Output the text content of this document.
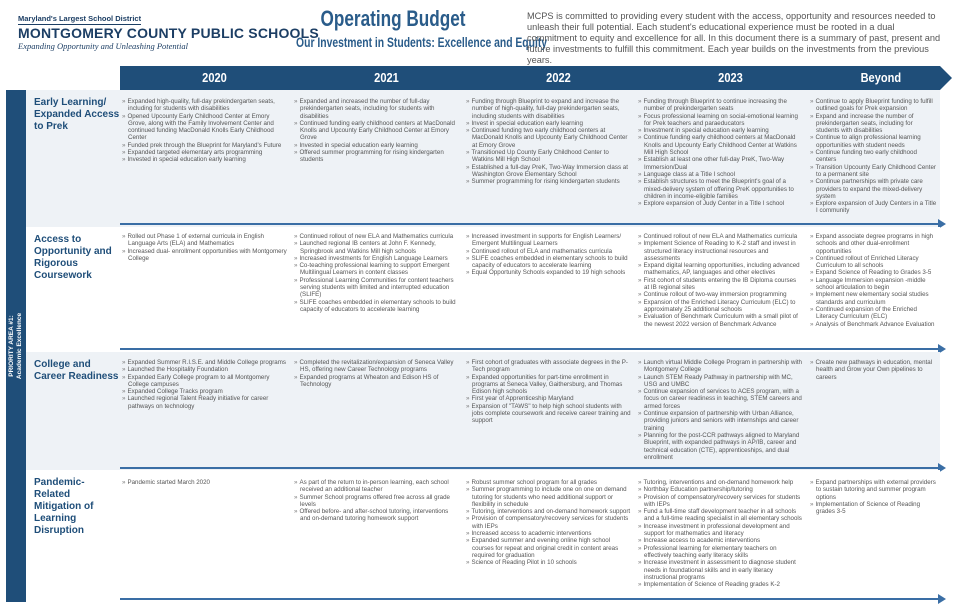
Maryland's Largest School District
MONTGOMERY COUNTY PUBLIC SCHOOLS
Expanding Opportunity and Unleashing Potential
Operating Budget
Our Investment in Students: Excellence and Equity
MCPS is committed to providing every student with the access, opportunity and resources needed to unleash their full potential. Each student's educational experience must be rooted in a dual commitment to equity and excellence for all. In this document there is a summary of past, present and future investments to fulfill this commitment. Each year builds on the investments from the previous years.
2020	2021	2022	2023	Beyond
PRIORITY AREA #1: Academic Excellence
Early Learning/ Expanded Access to Prek
» Expanded high-quality, full-day prekindergarten seats, including for students with disabilities
» Opened Upcounty Early Childhood Center at Emory Grove, along with the Family Involvement Center and continued funding MacDonald Knolls Early Childhood Center
» Funded prek through the Blueprint for Maryland's Future
» Expanded targeted elementary arts programming
» Invested in special education early learning
» Expanded and increased the number of full-day prekindergarten seats, including for students with disabilities
» Continued funding early childhood centers at MacDonald Knolls and Upcounty Early Childhood Center at Emory Grove
» Invested in special education early learning
» Offered summer programming for rising kindergarten students
» Funding through Blueprint to expand and increase the number of high-quality, full-day prekindergarten seats, including students with disabilities
» Invest in special education early learning
» Continued funding two early childhood centers at MacDonald Knolls and Upcounty Early Childhood Center at Emory Grove
» Transitioned Up County Early Childhood Center to Watkins Mill High School
» Established a full-day PreK, Two-Way Immersion class at Washington Grove Elementary School
» Summer programming for rising kindergarten students
» Funding through Blueprint to continue increasing the number of prekindergarten seats
» Focus professional learning on social-emotional learning for Prek teachers and paraeducators
» Investment in special education early learning
» Continue funding early childhood centers at MacDonald Knolls and Upcounty Early Childhood Center at Watkins Mill High School
» Establish at least one other full-day PreK, Two-Way Immersion/Dual
» Language class at a Title I school
» Establish structures to meet the Blueprint's goal of a mixed-delivery system of offering PreK opportunities to children in income-eligible families
» Explore expansion of Judy Center in a Title I school
» Continue to apply Blueprint funding to fulfill outlined goals for Prek expansion
» Expand and increase the number of prekindergarten seats, including for students with disabilities
» Continue to align professional learning opportunities with student needs
» Continue funding two early childhood centers
» Transition Upcounty Early Childhood Center to a permanent site
» Continue partnerships with private care providers to expand the mixed-delivery system
» Explore expansion of Judy Centers in a Title I community
Access to Opportunity and Rigorous Coursework
» Rolled out Phase 1 of external curricula in English Language Arts (ELA) and Mathematics
» Increased dual- enrollment opportunities with Montgomery College
» Continued rollout of new ELA and Mathematics curricula
» Launched regional IB centers at John F. Kennedy, Springbrook and Watkins Mill high schools
» Increased investments for English Language Learners
» Co-teaching professional learning to support Emergent Multilingual Learners in content classes
» Professional Learning Communities for content teachers serving students with limited and interrupted education (SLIFE)
» SLIFE coaches embedded in elementary schools to build capacity of educators to accelerate learning
» Increased investment in supports for English Learners/ Emergent Multilingual Learners
» Continued rollout of ELA and mathematics curricula
» SLIFE coaches embedded in elementary schools to build capacity of educators to accelerate learning
» Equal Opportunity Schools expanded to 19 high schools
» Continued rollout of new ELA and Mathematics curricula
» Implement Science of Reading to K-2 staff and invest in structured literacy instructional resources and assessments
» Expand digital learning opportunities, including advanced mathematics, AP, languages and other electives
» First cohort of students entering the IB Diploma courses at IB regional sites
» Continue rollout of two-way immersion programming
» Expansion of the Enriched Literacy Curriculum (ELC) to approximately 25 additional schools
» Evaluation of Benchmark Curriculum with a small pilot of the newest 2022 version of Benchmark Advance
» Expand associate degree programs in high schools and other dual-enrollment opportunities
» Continued rollout of Enriched Literacy Curriculum to all schools
» Expand Science of Reading to Grades 3-5
» Language Immersion expansion -middle school articulation to begin
» Implement new elementary social studies standards and curriculum
» Continued expansion of the Enriched Literacy Curriculum (ELC)
» Analysis of Benchmark Advance Evaluation
College and Career Readiness
» Expanded Summer R.I.S.E. and Middle College programs
» Launched the Hospitality Foundation
» Expanded Early College program to all Montgomery College campuses
» Expanded College Tracks program
» Launched regional Talent Ready initiative for career pathways on technology
» Completed the revitalization/expansion of Seneca Valley HS, offering new Career Technology programs
» Expanded programs at Wheaton and Edison HS of Technology
» First cohort of graduates with associate degrees in the P-Tech program
» Expanded opportunities for part-time enrollment in programs at Seneca Valley, Gaithersburg, and Thomas Edison high schools
» First year of Apprenticeship Maryland
» Expansion of "TAWS" to help high school students with jobs complete coursework and receive career training and support
» Launch virtual Middle College Program in partnership with Montgomery College
» Launch STEM Ready Pathway in partnership with MC, USG and UMBC
» Continue expansion of services to ACES program, with a focus on career readiness in teaching, STEM careers and armed forces
» Continue expansion of partnership with Urban Alliance, providing juniors and seniors with internships and career training
» Planning for the post-CCR pathways aligned to Maryland Blueprint, with expanded pathways in AP/IB, career and technical education (CTE), apprenticeships, and dual enrollment
» Create new pathways in education, mental health and Grow your Own pipelines to careers
Pandemic-Related Mitigation of Learning Disruption
» Pandemic started March 2020
»	As part of the return to in-person learning, each school received an additional teacher
» Summer School programs offered free across all grade levels
» Offered before- and after-school tutoring, interventions and on-demand tutoring homework support
» Robust summer school program for all grades
» Summer programming to include one on one on demand tutoring for students who need additional support or flexibility in schedule
» Tutoring, interventions and on-demand homework support
» Provision of compensatory/recovery services for students with IEPs
» Increased access to academic interventions
» Expanded summer and evening online high school courses for repeat and original credit in content areas required for graduation
» Science of Reading Pilot in 10 schools
» Tutoring, interventions and on-demand homework help
» Northbay Education partnership/tutoring
» Provision of compensatory/recovery services for students with IEPs
» Fund a full-time staff development teacher in all schools and a full-time reading specialist in all elementary schools
» Increase investment in professional development and support for mathematics and literacy
» Increase access to academic interventions
» Professional learning for elementary teachers on effectively teaching early literacy skills
» Increase investment in assessment to diagnose student needs in foundational skills and in early literacy instructional programs
» Implementation of Science of Reading grades K-2
» Expand partnerships with external providers to sustain tutoring and summer program options
» Implementation of Science of Reading grades 3-5
